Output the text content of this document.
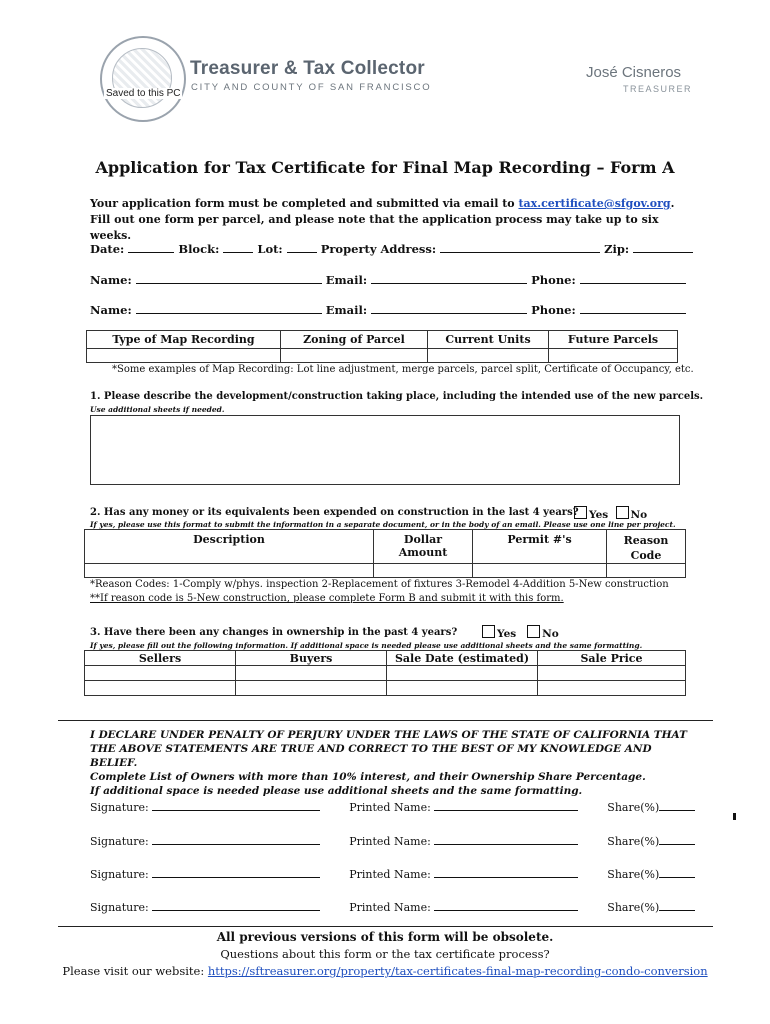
Saved to this PC
Treasurer & Tax Collector
CITY AND COUNTY OF SAN FRANCISCO
José Cisneros
TREASURER
Application for Tax Certificate for Final Map Recording – Form A
Your application form must be completed and submitted via email to tax.certificate@sfgov.org. Fill out one form per parcel, and please note that the application process may take up to six weeks.
Date:	Block:	Lot:	Property Address:	Zip:
Name:	Email:	Phone:
Name:	Email:	Phone:
Type of Map Recording	Zoning of Parcel	Current Units	Future Parcels

*Some examples of Map Recording: Lot line adjustment, merge parcels, parcel split, Certificate of Occupancy, etc.
1. Please describe the development/construction taking place, including the intended use of the new parcels.
Use additional sheets if needed.
2. Has any money or its equivalents been expended on construction in the last 4 years? Yes No
If yes, please use this format to submit the information in a separate document, or in the body of an email. Please use one line per project.
Description	Dollar Amount	Permit #'s	Reason Code

*Reason Codes: 1-Comply w/phys. inspection 2-Replacement of fixtures 3-Remodel 4-Addition 5-New construction
**If reason code is 5-New construction, please complete Form B and submit it with this form.
3. Have there been any changes in ownership in the past 4 years?	Yes No
If yes, please fill out the following information. If additional space is needed please use additional sheets and the same formatting.
Sellers	Buyers	Sale Date (estimated)	Sale Price

I DECLARE UNDER PENALTY OF PERJURY UNDER THE LAWS OF THE STATE OF CALIFORNIA THAT THE ABOVE STATEMENTS ARE TRUE AND CORRECT TO THE BEST OF MY KNOWLEDGE AND BELIEF.
Complete List of Owners with more than 10% interest, and their Ownership Share Percentage.
If additional space is needed please use additional sheets and the same formatting.
Signature:	Printed Name:	Share(%)
Signature:	Printed Name:	Share(%)
Signature:	Printed Name:	Share(%)
Signature:	Printed Name:	Share(%)
All previous versions of this form will be obsolete.
Questions about this form or the tax certificate process?
Please visit our website: https://sftreasurer.org/property/tax-certificates-final-map-recording-condo-conversion
